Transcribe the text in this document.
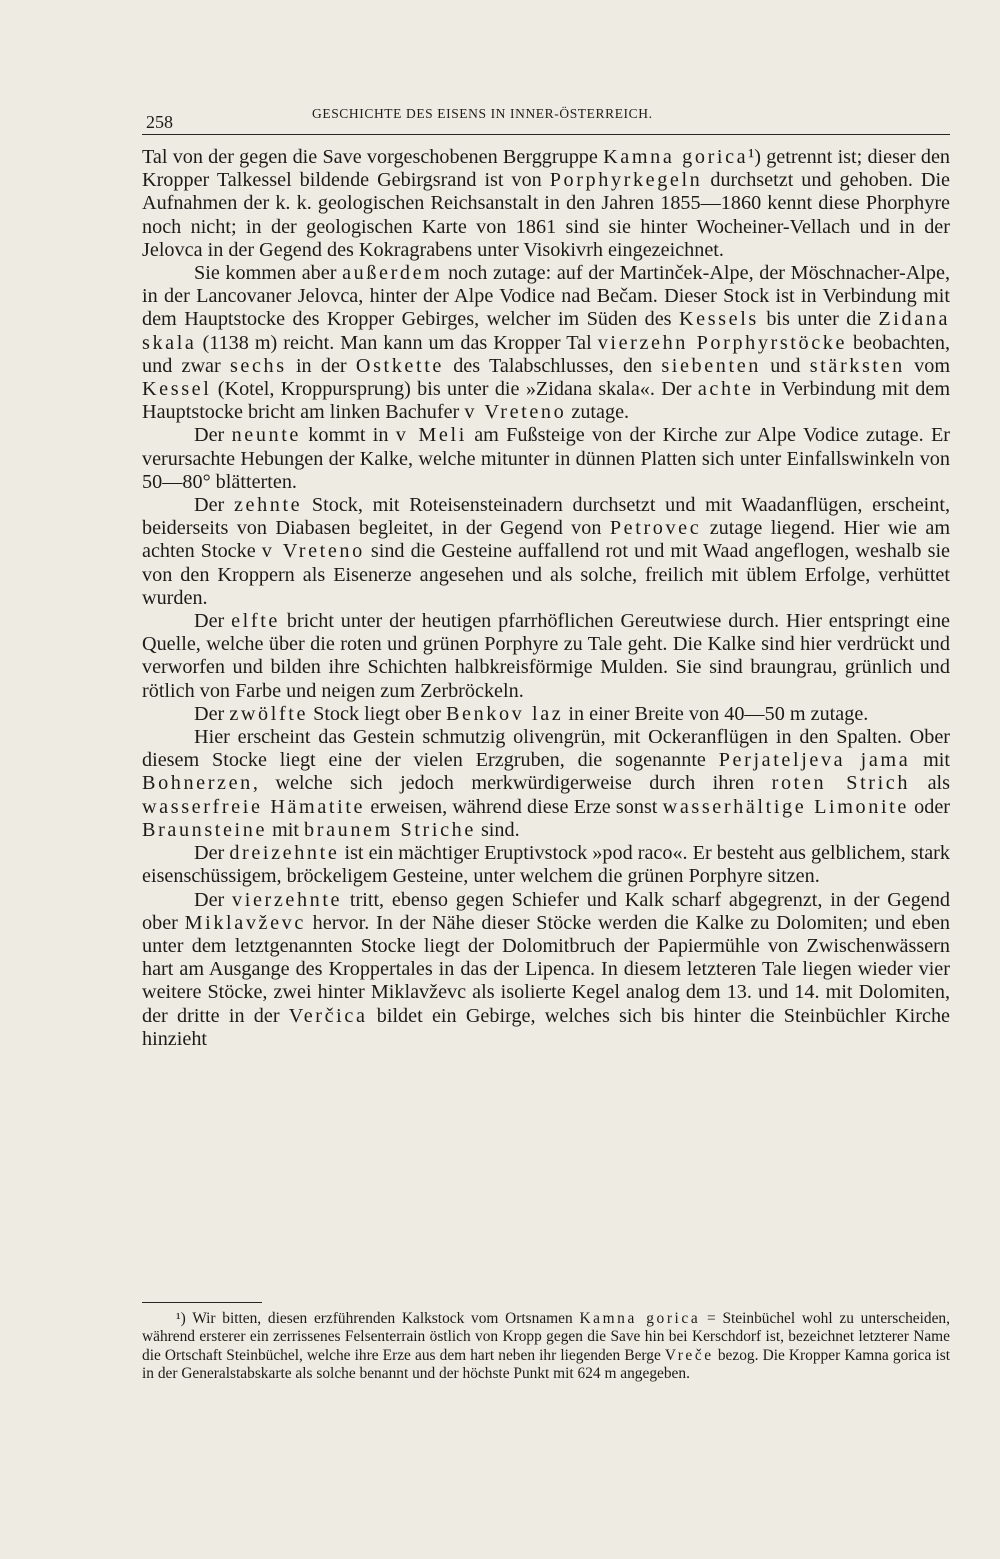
258	GESCHICHTE DES EISENS IN INNER-ÖSTERREICH.

Tal von der gegen die Save vorgeschobenen Berggruppe Kamna gorica¹) getrennt ist; dieser den Kropper Talkessel bildende Gebirgsrand ist von Porphyrkegeln durchsetzt und gehoben. Die Aufnahmen der k. k. geologischen Reichsanstalt in den Jahren 1855—1860 kennt diese Phorphyre noch nicht; in der geologischen Karte von 1861 sind sie hinter Wocheiner-Vellach und in der Jelovca in der Gegend des Kokragrabens unter Visokivrh eingezeichnet.

Sie kommen aber außerdem noch zutage: auf der Martinček-Alpe, der Möschnacher-Alpe, in der Lancovaner Jelovca, hinter der Alpe Vodice nad Bečam. Dieser Stock ist in Verbindung mit dem Hauptstocke des Kropper Gebirges, welcher im Süden des Kessels bis unter die Zidana skala (1138 m) reicht. Man kann um das Kropper Tal vierzehn Porphyrstöcke beobachten, und zwar sechs in der Ostkette des Talabschlusses, den siebenten und stärksten vom Kessel (Kotel, Kroppursprung) bis unter die »Zidana skala«. Der achte in Verbindung mit dem Hauptstocke bricht am linken Bachufer v Vreteno zutage.

Der neunte kommt in v Meli am Fußsteige von der Kirche zur Alpe Vodice zutage. Er verursachte Hebungen der Kalke, welche mitunter in dünnen Platten sich unter Einfallswinkeln von 50—80° blätterten.

Der zehnte Stock, mit Roteisensteinadern durchsetzt und mit Waadanflügen, erscheint, beiderseits von Diabasen begleitet, in der Gegend von Petrovec zutage liegend. Hier wie am achten Stocke v Vreteno sind die Gesteine auffallend rot und mit Waad angeflogen, weshalb sie von den Kroppern als Eisenerze angesehen und als solche, freilich mit üblem Erfolge, verhüttet wurden.

Der elfte bricht unter der heutigen pfarrhöflichen Gereutwiese durch. Hier entspringt eine Quelle, welche über die roten und grünen Porphyre zu Tale geht. Die Kalke sind hier verdrückt und verworfen und bilden ihre Schichten halbkreisförmige Mulden. Sie sind braungrau, grünlich und rötlich von Farbe und neigen zum Zerbröckeln.

Der zwölfte Stock liegt ober Benkov laz in einer Breite von 40—50 m zutage.

Hier erscheint das Gestein schmutzig olivengrün, mit Ockeranflügen in den Spalten. Ober diesem Stocke liegt eine der vielen Erzgruben, die sogenannte Perjateljeva jama mit Bohnerzen, welche sich jedoch merkwürdigerweise durch ihren roten Strich als wasserfreie Hämatite erweisen, während diese Erze sonst wasserhältige Limonite oder Braunsteine mit braunem Striche sind.

Der dreizehnte ist ein mächtiger Eruptivstock »pod raco«. Er besteht aus gelblichem, stark eisenschüssigem, bröckeligem Gesteine, unter welchem die grünen Porphyre sitzen.

Der vierzehnte tritt, ebenso gegen Schiefer und Kalk scharf abgegrenzt, in der Gegend ober Miklavževc hervor. In der Nähe dieser Stöcke werden die Kalke zu Dolomiten; und eben unter dem letztgenannten Stocke liegt der Dolomitbruch der Papiermühle von Zwischenwässern hart am Ausgange des Kroppertales in das der Lipenca. In diesem letzteren Tale liegen wieder vier weitere Stöcke, zwei hinter Miklavževc als isolierte Kegel analog dem 13. und 14. mit Dolomiten, der dritte in der Verčica bildet ein Gebirge, welches sich bis hinter die Steinbüchler Kirche hinzieht

¹) Wir bitten, diesen erzführenden Kalkstock vom Ortsnamen Kamna gorica = Steinbüchel wohl zu unterscheiden, während ersterer ein zerrissenes Felsenterrain östlich von Kropp gegen die Save hin bei Kerschdorf ist, bezeichnet letzterer Name die Ortschaft Steinbüchel, welche ihre Erze aus dem hart neben ihr liegenden Berge Vreče bezog. Die Kropper Kamna gorica ist in der Generalstabskarte als solche benannt und der höchste Punkt mit 624 m angegeben.
